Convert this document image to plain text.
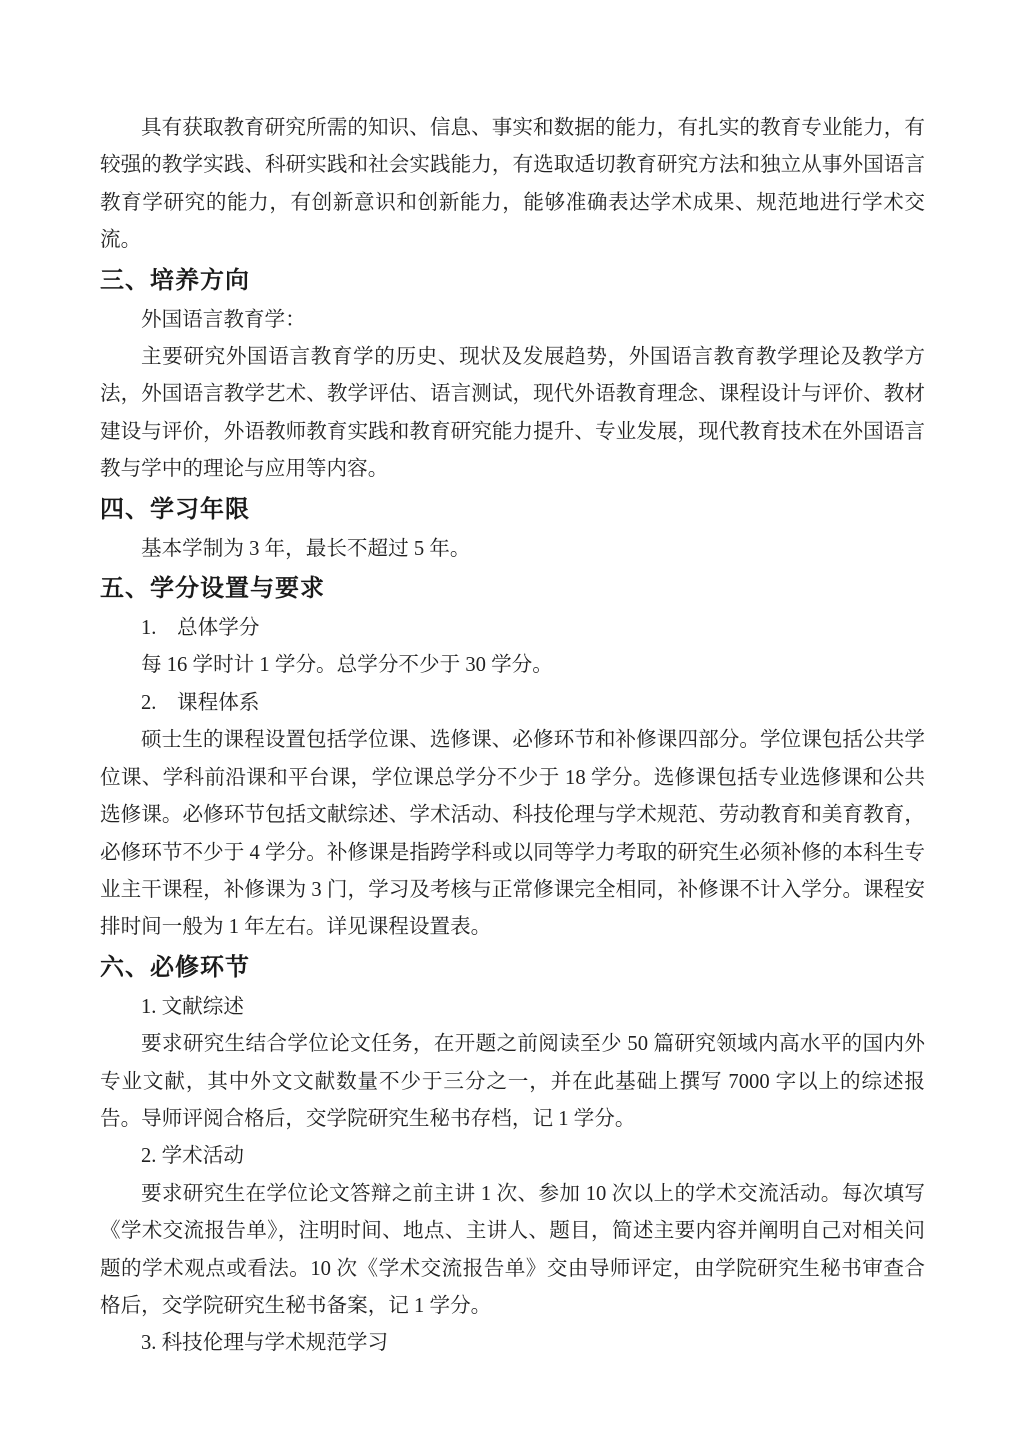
具有获取教育研究所需的知识、信息、事实和数据的能力，有扎实的教育专业能力，有较强的教学实践、科研实践和社会实践能力，有选取适切教育研究方法和独立从事外国语言教育学研究的能力，有创新意识和创新能力，能够准确表达学术成果、规范地进行学术交流。

三、培养方向

外国语言教育学：

主要研究外国语言教育学的历史、现状及发展趋势，外国语言教育教学理论及教学方法，外国语言教学艺术、教学评估、语言测试，现代外语教育理念、课程设计与评价、教材建设与评价，外语教师教育实践和教育研究能力提升、专业发展，现代教育技术在外国语言教与学中的理论与应用等内容。

四、学习年限

基本学制为 3 年，最长不超过 5 年。

五、学分设置与要求

1.　总体学分

每 16 学时计 1 学分。总学分不少于 30 学分。

2.　课程体系

硕士生的课程设置包括学位课、选修课、必修环节和补修课四部分。学位课包括公共学位课、学科前沿课和平台课，学位课总学分不少于 18 学分。选修课包括专业选修课和公共选修课。必修环节包括文献综述、学术活动、科技伦理与学术规范、劳动教育和美育教育，必修环节不少于 4 学分。补修课是指跨学科或以同等学力考取的研究生必须补修的本科生专业主干课程，补修课为 3 门，学习及考核与正常修课完全相同，补修课不计入学分。课程安排时间一般为 1 年左右。详见课程设置表。

六、必修环节

1. 文献综述

要求研究生结合学位论文任务，在开题之前阅读至少 50 篇研究领域内高水平的国内外专业文献，其中外文文献数量不少于三分之一，并在此基础上撰写 7000 字以上的综述报告。导师评阅合格后，交学院研究生秘书存档，记 1 学分。

2. 学术活动

要求研究生在学位论文答辩之前主讲 1 次、参加 10 次以上的学术交流活动。每次填写《学术交流报告单》，注明时间、地点、主讲人、题目，简述主要内容并阐明自己对相关问题的学术观点或看法。10 次《学术交流报告单》交由导师评定，由学院研究生秘书审查合格后，交学院研究生秘书备案，记 1 学分。

3. 科技伦理与学术规范学习
